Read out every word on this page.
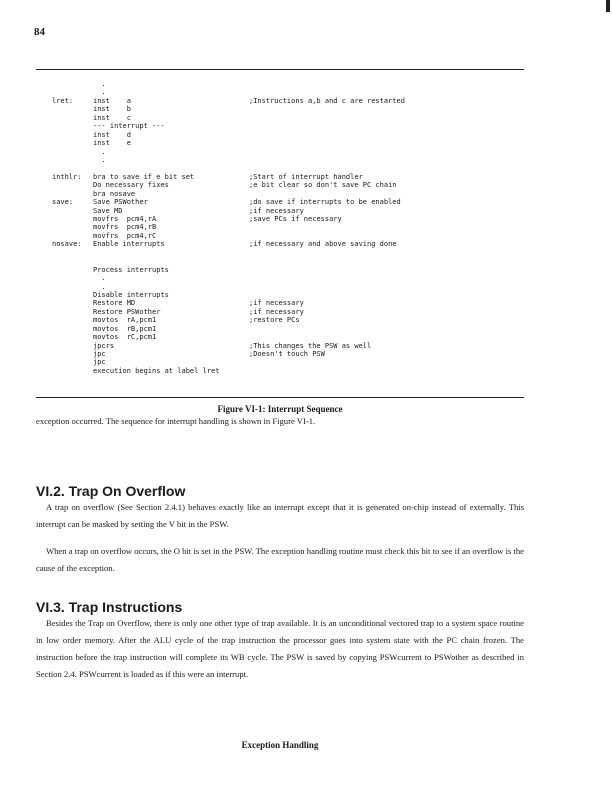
84
.
.
lret:	inst    a	;Instructions a,b and c are restarted
inst    b
inst    c
--- interrupt ---
inst    d
inst    e
.
.
inthlr: bra to save if e bit set	;Start of interrupt handler
Do necessary fixes	;e bit clear so don't save PC chain
bra nosave
save:	Save PSWother	;do save if interrupts to be enabled
Save MD	;if necessary
movfrs  pcm4,rA	;save PCs if necessary
movfrs  pcm4,rB
movfrs  pcm4,rC
nosave: Enable interrupts	;if necessary and above saving done
Process interrupts
.
.
Disable interrupts
Restore MD	;if necessary
Restore PSWother	;if necessary
movtos  rA,pcm1	;restore PCs
movtos  rB,pcm1
movtos  rC,pcm1
jpcrs	;This changes the PSW as well
jpc	;Doesn't touch PSW
jpc
execution begins at label lret
Figure VI-1: Interrupt Sequence

exception occurred. The sequence for interrupt handling is shown in Figure VI-1.

VI.2. Trap On Overflow

A trap on overflow (See Section 2.4.1) behaves exactly like an interrupt except that it is generated on-chip instead of externally. This interrupt can be masked by setting the V bit in the PSW.

When a trap on overflow occurs, the O bit is set in the PSW. The exception handling routine must check this bit to see if an overflow is the cause of the exception.

VI.3. Trap Instructions

Besides the Trap on Overflow, there is only one other type of trap available. It is an unconditional vectored trap to a system space routine in low order memory. After the ALU cycle of the trap instruction the processor goes into system state with the PC chain frozen. The instruction before the trap instruction will complete its WB cycle. The PSW is saved by copying PSWcurrent to PSWother as described in Section 2.4. PSWcurrent is loaded as if this were an interrupt.

Exception Handling
